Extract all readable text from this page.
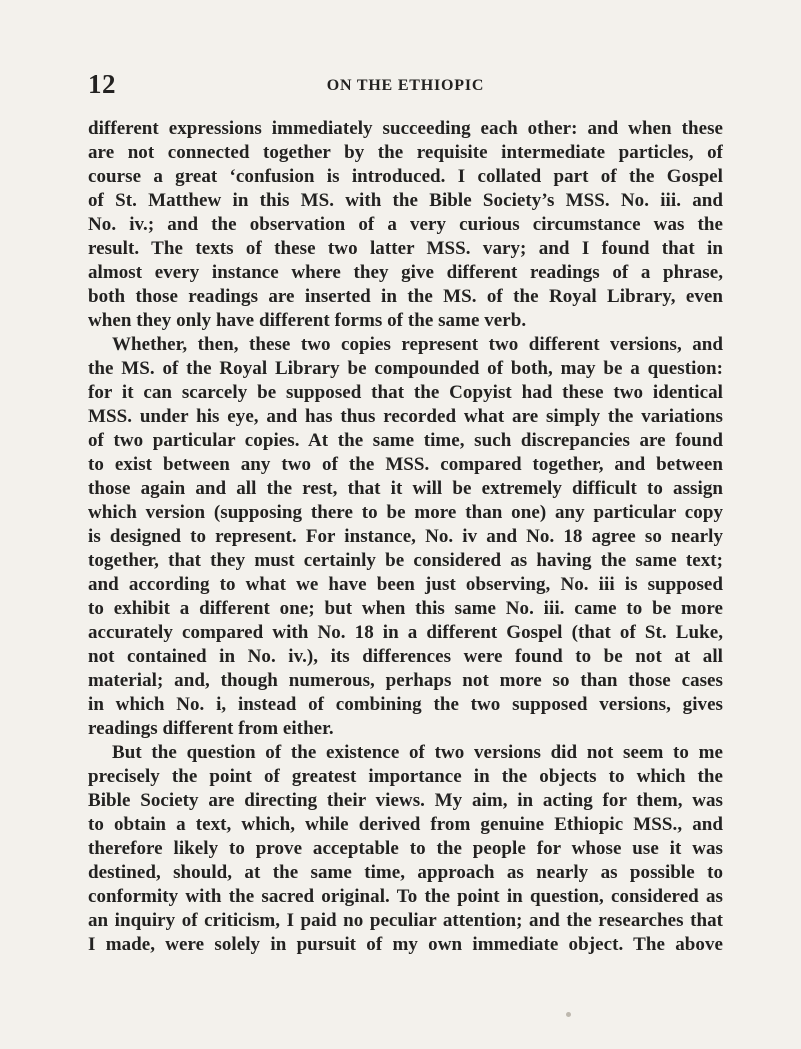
12	ON THE ETHIOPIC
different expressions immediately succeeding each other: and when these
are not connected together by the requisite intermediate particles, of
course a great ‘confusion is introduced. I collated part of the Gospel
of St. Matthew in this MS. with the Bible Society’s MSS. No. iii. and
No. iv.; and the observation of a very curious circumstance was the
result. The texts of these two latter MSS. vary; and I found that in
almost every instance where they give different readings of a phrase,
both those readings are inserted in the MS. of the Royal Library, even
when they only have different forms of the same verb.
Whether, then, these two copies represent two different versions, and
the MS. of the Royal Library be compounded of both, may be a question:
for it can scarcely be supposed that the Copyist had these two identical
MSS. under his eye, and has thus recorded what are simply the variations
of two particular copies. At the same time, such discrepancies are found
to exist between any two of the MSS. compared together, and between
those again and all the rest, that it will be extremely difficult to assign
which version (supposing there to be more than one) any particular copy
is designed to represent. For instance, No. iv and No. 18 agree so nearly
together, that they must certainly be considered as having the same text;
and according to what we have been just observing, No. iii is supposed
to exhibit a different one; but when this same No. iii. came to be more
accurately compared with No. 18 in a different Gospel (that of St. Luke,
not contained in No. iv.), its differences were found to be not at all
material; and, though numerous, perhaps not more so than those cases
in which No. i, instead of combining the two supposed versions, gives
readings different from either.
But the question of the existence of two versions did not seem to me
precisely the point of greatest importance in the objects to which the
Bible Society are directing their views. My aim, in acting for them, was
to obtain a text, which, while derived from genuine Ethiopic MSS., and
therefore likely to prove acceptable to the people for whose use it was
destined, should, at the same time, approach as nearly as possible to
conformity with the sacred original. To the point in question, considered as
an inquiry of criticism, I paid no peculiar attention; and the researches that
I made, were solely in pursuit of my own immediate object. The above
